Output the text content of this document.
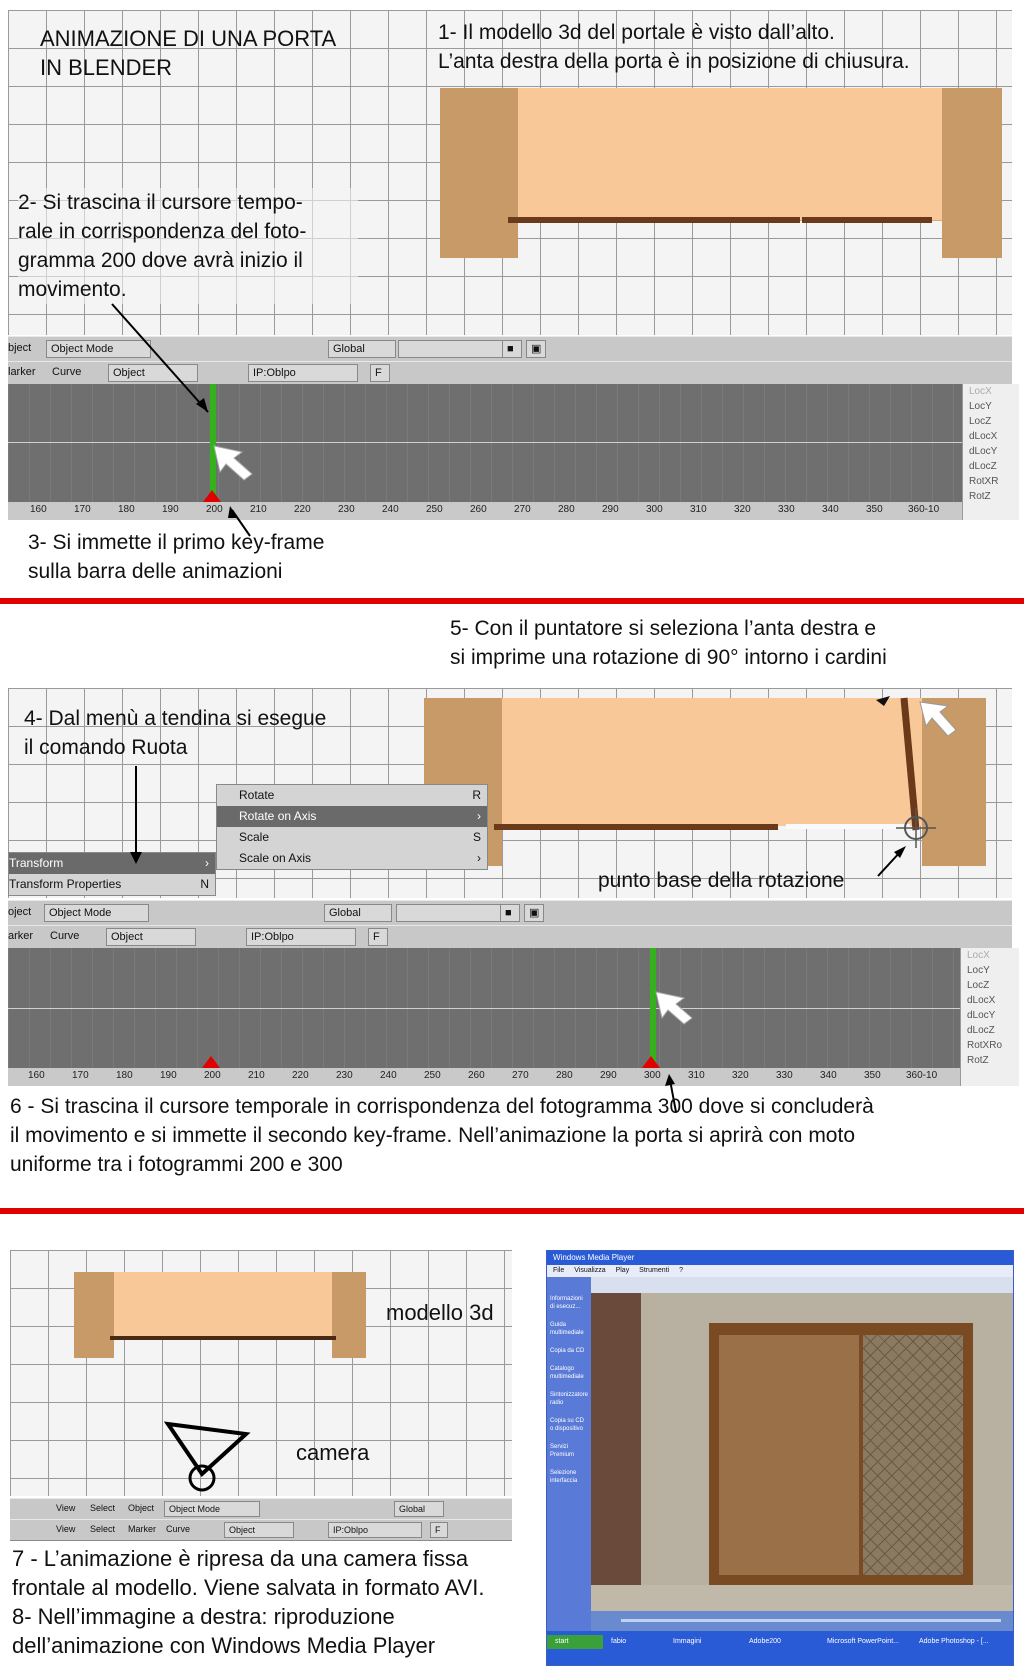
ANIMAZIONE DI UNA PORTA
IN BLENDER
1- Il modello 3d del portale è visto dall’alto.
L’anta destra della porta è in posizione di chiusura.
2- Si trascina il cursore tempo-
rale in corrispondenza del foto-
gramma 200 dove avrà inizio il
movimento.
bject	Object Mode	Global	■	▣
larker Curve	Object	IP:Oblpo	F
LocX
LocY
LocZ
dLocX
dLocY
dLocZ
RotXR
RotZ
160	170	180	190	200	210	220	230	240	250	260	270	280	290	300	310	320	330	340	350	360-10
3- Si immette il primo key-frame
sulla barra delle animazioni
5- Con il puntatore si seleziona l’anta destra e
si imprime una rotazione di 90° intorno i cardini
4- Dal menù a tendina si esegue
il comando Ruota
Transform	›
Transform Properties	N
Rotate	R
Rotate on Axis	›
Scale	S
Scale on Axis	›
punto base della rotazione
oject	Object Mode	Global	■	▣
arker Curve	Object	IP:Oblpo	F
LocX
LocY
LocZ
dLocX
dLocY
dLocZ
RotXRo
RotZ
160	170	180	190	200	210	220	230	240	250	260	270	280	290	300	310	320	330	340	350	360-10
6 - Si trascina il cursore temporale in corrispondenza del fotogramma 300 dove si concluderà
il movimento e si immette il secondo key-frame. Nell’animazione la porta si aprirà con moto
uniforme tra i fotogrammi 200 e 300
modello 3d
camera
View Select Object	Object Mode	Global
View Select Marker Curve	Object	IP:Oblpo	F
7 - L’animazione è ripresa da una camera fissa
frontale al modello. Viene salvata in formato AVI.
8- Nell’immagine a destra: riproduzione
dell’animazione con Windows Media Player
Windows Media Player
File Visualizza Play Strumenti ?
Informazioni di esecuz...
Guida multimediale
Copia da CD
Catalogo multimediale
Sintonizzatore radio
Copia su CD o dispositivo
Servizi Premium
Selezione interfaccia
start	fabio	Immagini	Adobe200	Microsoft PowerPoint...	Adobe Photoshop - [...
